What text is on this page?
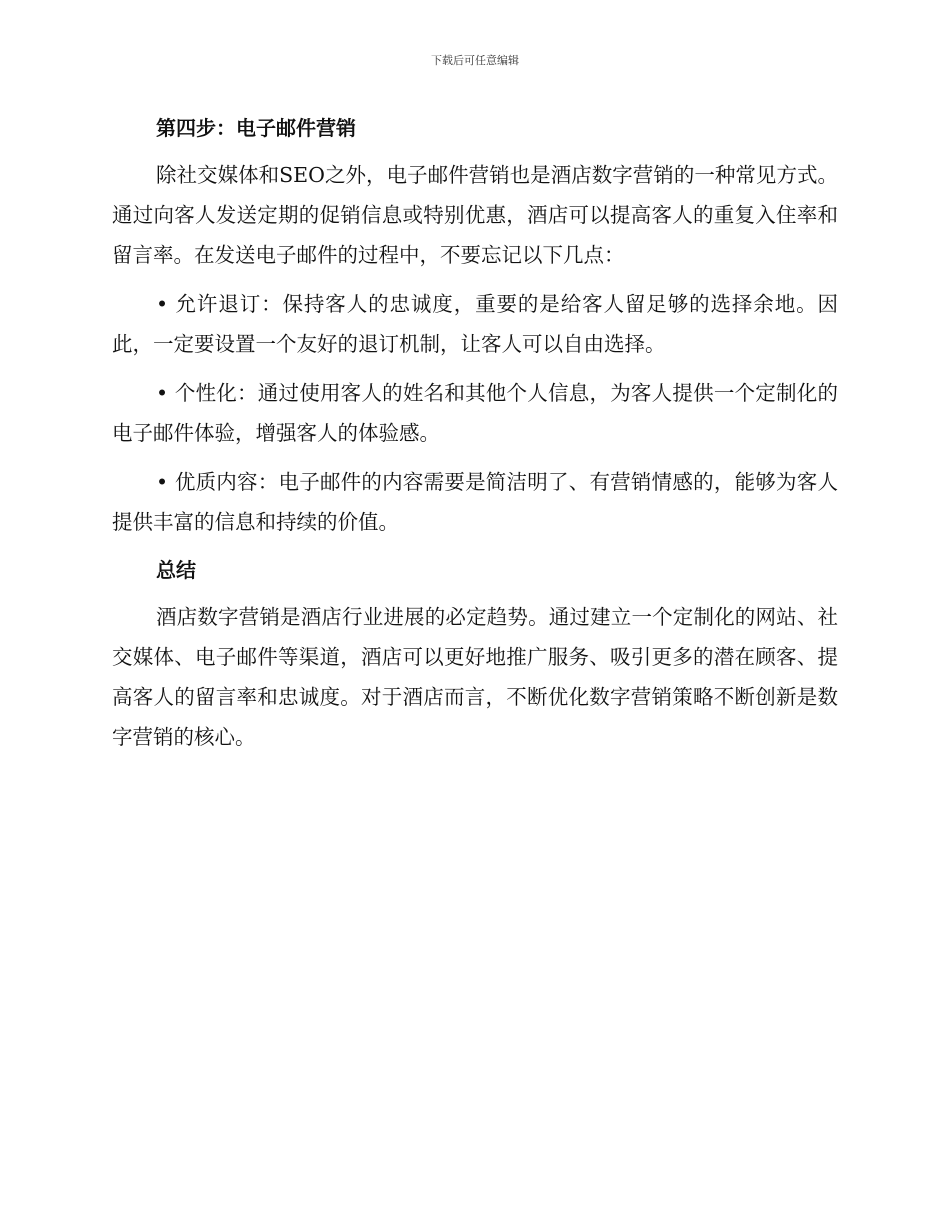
下载后可任意编辑
第四步：电子邮件营销

除社交媒体和SEO之外，电子邮件营销也是酒店数字营销的一种常见方式。通过向客人发送定期的促销信息或特别优惠，酒店可以提高客人的重复入住率和留言率。在发送电子邮件的过程中，不要忘记以下几点：

• 允许退订：保持客人的忠诚度，重要的是给客人留足够的选择余地。因此，一定要设置一个友好的退订机制，让客人可以自由选择。

• 个性化：通过使用客人的姓名和其他个人信息，为客人提供一个定制化的电子邮件体验，增强客人的体验感。

• 优质内容：电子邮件的内容需要是简洁明了、有营销情感的，能够为客人提供丰富的信息和持续的价值。

总结

酒店数字营销是酒店行业进展的必定趋势。通过建立一个定制化的网站、社交媒体、电子邮件等渠道，酒店可以更好地推广服务、吸引更多的潜在顾客、提高客人的留言率和忠诚度。对于酒店而言，不断优化数字营销策略不断创新是数字营销的核心。
